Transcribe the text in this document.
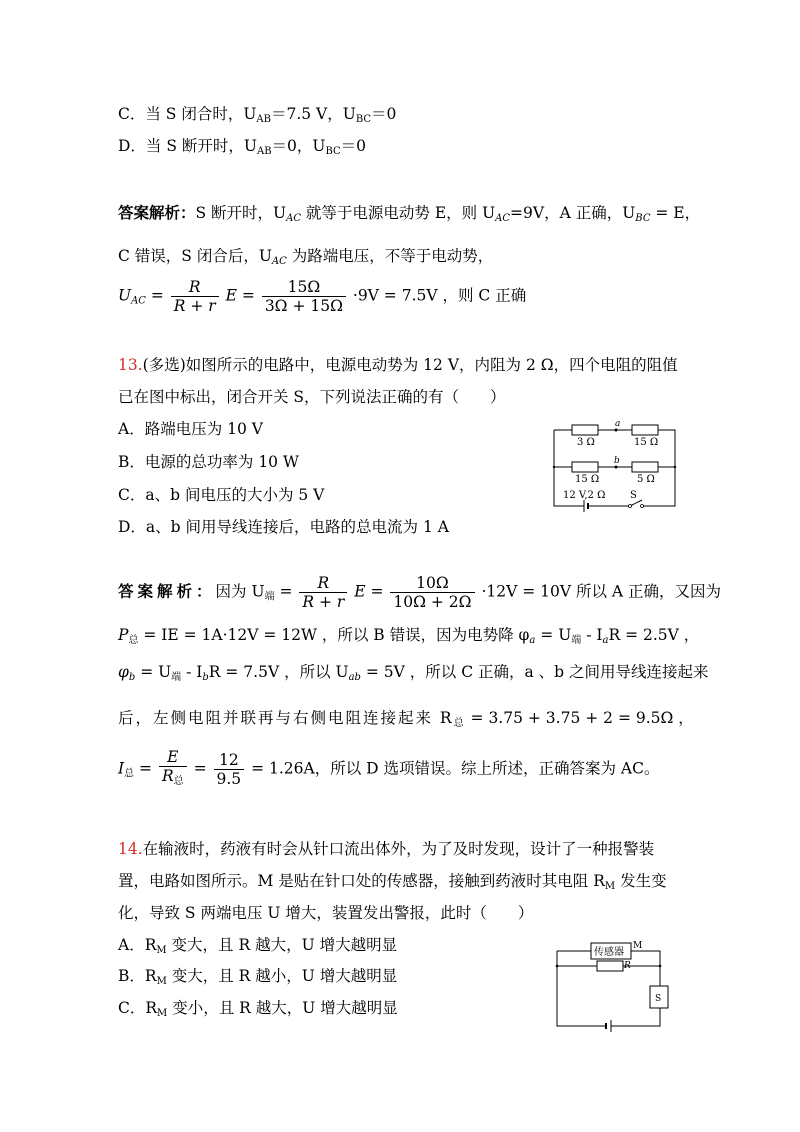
C．当 S 闭合时，$U_{AB}=7.5$ V，$U_{BC}=0$
D．当 S 断开时，$U_{AB}=0$，$U_{BC}=0$
答案解析：S 断开时，$U_{AC}$ 就等于电源电动势 E，则 $U_{AC}=9V$，A 正确，$U_{BC} = E$，
C 错误，S 闭合后，$U_{AC}$ 为路端电压，不等于电动势，
$U_{AC} = \frac{R}{R + r}$ $E = \frac{15\Omega}{3\Omega + 15\Omega} \cdot 9V = 7.5V$ ，则 C 正确
13.(多选)如图所示的电路中，电源电动势为 12 V，内阻为 2 Ω，四个电阻的阻值
已在图中标出，闭合开关 S，下列说法正确的有（　　）
A．路端电压为 10 V
B．电源的总功率为 10 W
C．a、b 间电压的大小为 5 V
D．a、b 间用导线连接后，电路的总电流为 1 A
3 Ω	15 Ω
15 Ω	5 Ω
a
b
12 V,2 Ω S
答案解析：因为 $U_端 = \frac{R}{R + r}$ $E = \frac{10\Omega}{10\Omega + 2\Omega} \cdot 12V = 10V$ 所以 A 正确，又因为
$P_总$ = IE = 1A·12V = 12W ，所以 B 错误，因为电势降 $\varphi_a = U_端 - I_aR = 2.5V$ ，
$\varphi_b = U_端 - I_bR = 7.5V$ ，所以 $U_{ab} = 5V$ ，所以 C 正确，a 、b 之间用导线连接起来
后，左侧电阻并联再与右侧电阻连接起来 $R_总 = 3.75 + 3.75 + 2 = 9.5\Omega$ ，
$I_总 = \frac{E}{R_总} = \frac{12}{9.5} = 1.26A$，所以 D 选项错误。综上所述，正确答案为 AC。
14.在输液时，药液有时会从针口流出体外，为了及时发现，设计了一种报警装
置，电路如图所示。M 是贴在针口处的传感器，接触到药液时其电阻 $R_M$ 发生变
化，导致 S 两端电压 U 增大，装置发出警报，此时（　　）
A．$R_M$ 变大，且 R 越大，U 增大越明显
B．$R_M$ 变大，且 R 越小，U 增大越明显
C．$R_M$ 变小，且 R 越大，U 增大越明显
传感器
M
R
S
